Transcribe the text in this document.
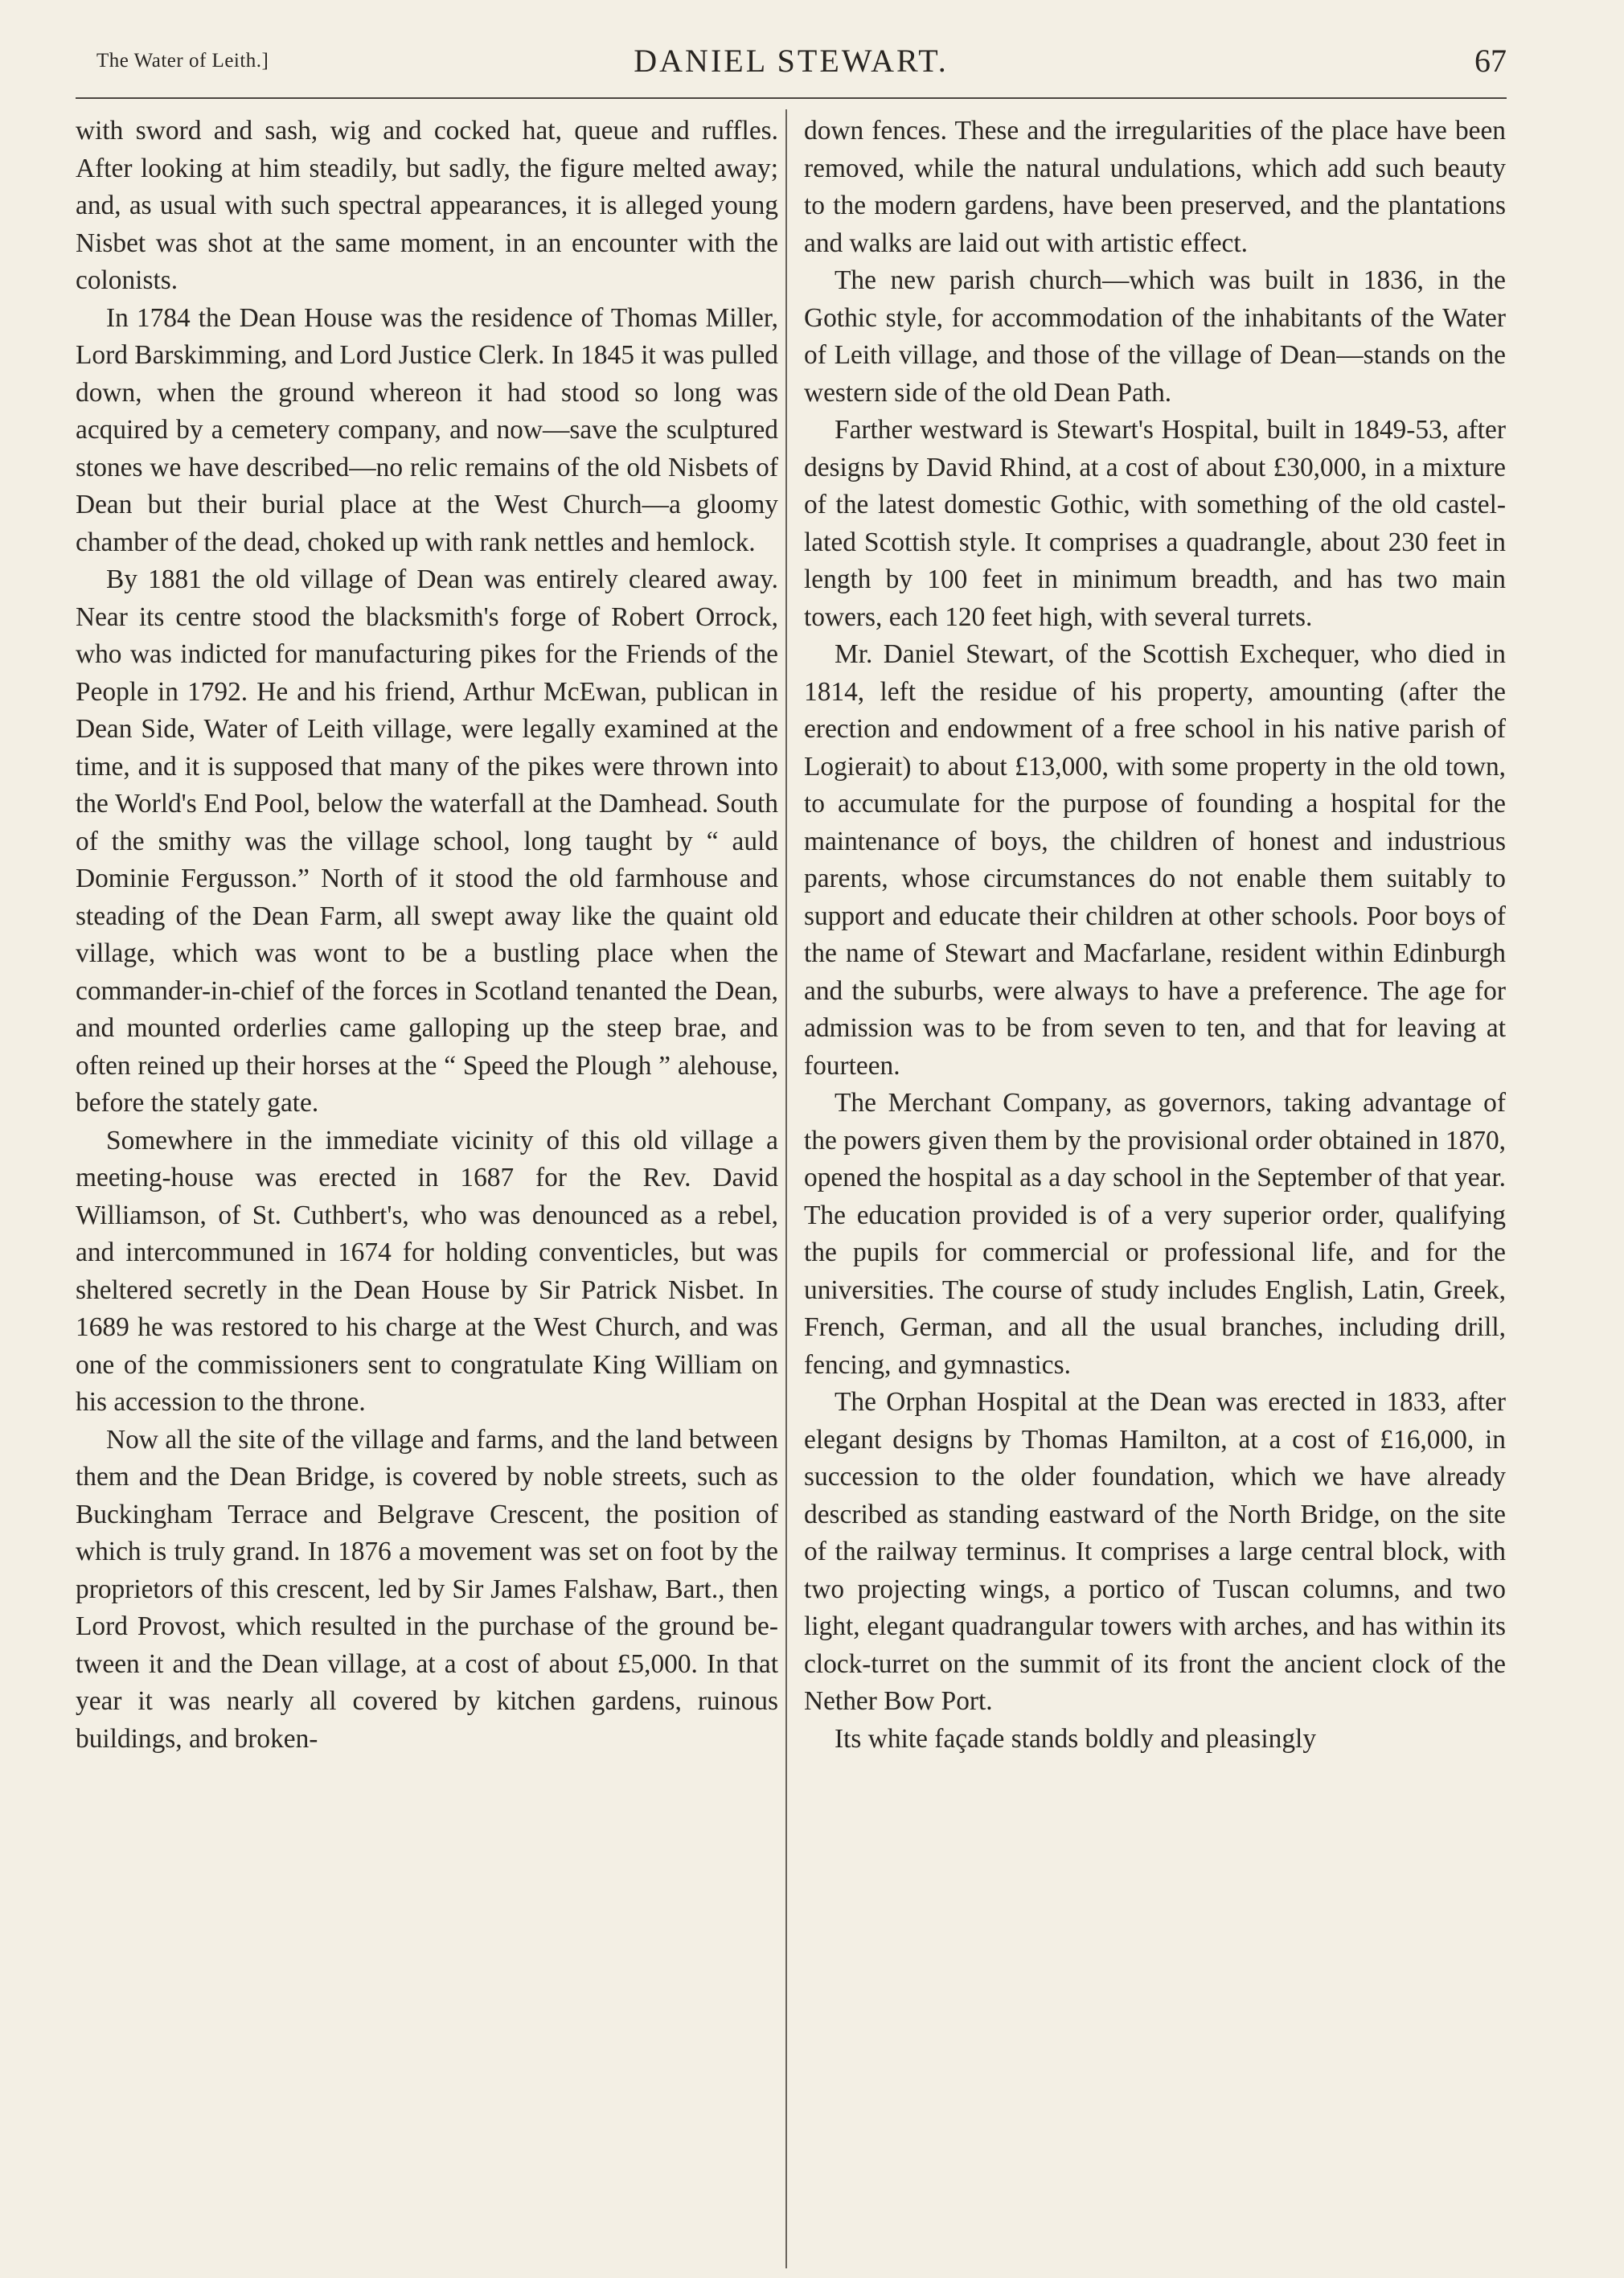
The Water of Leith.]	DANIEL STEWART.	67

with sword and sash, wig and cocked hat, queue and ruffles. After looking at him steadily, but sadly, the figure melted away; and, as usual with such spectral appearances, it is alleged young Nisbet was shot at the same moment, in an encounter with the colonists.

In 1784 the Dean House was the residence of Thomas Miller, Lord Barskimming, and Lord Justice Clerk. In 1845 it was pulled down, when the ground whereon it had stood so long was acquired by a cemetery company, and now—save the sculptured stones we have described—no relic remains of the old Nisbets of Dean but their burial place at the West Church—a gloomy chamber of the dead, choked up with rank nettles and hemlock.

By 1881 the old village of Dean was entirely cleared away. Near its centre stood the blacksmith's forge of Robert Orrock, who was indicted for manufacturing pikes for the Friends of the People in 1792. He and his friend, Arthur McEwan, publican in Dean Side, Water of Leith village, were legally examined at the time, and it is supposed that many of the pikes were thrown into the World's End Pool, below the waterfall at the Damhead. South of the smithy was the village school, long taught by “ auld Dominie Fergusson.” North of it stood the old farmhouse and steading of the Dean Farm, all swept away like the quaint old village, which was wont to be a bustling place when the commander-in-chief of the forces in Scotland tenanted the Dean, and mounted orderlies came galloping up the steep brae, and often reined up their horses at the “ Speed the Plough ” alehouse, before the stately gate.

Somewhere in the immediate vicinity of this old village a meeting-house was erected in 1687 for the Rev. David Williamson, of St. Cuthbert's, who was denounced as a rebel, and intercommuned in 1674 for holding conventicles, but was sheltered secretly in the Dean House by Sir Patrick Nisbet. In 1689 he was restored to his charge at the West Church, and was one of the commissioners sent to congratulate King William on his accession to the throne.

Now all the site of the village and farms, and the land between them and the Dean Bridge, is covered by noble streets, such as Buckingham Terrace and Belgrave Crescent, the position of which is truly grand. In 1876 a movement was set on foot by the proprietors of this crescent, led by Sir James Falshaw, Bart., then Lord Provost, which resulted in the purchase of the ground between it and the Dean village, at a cost of about £5,000. In that year it was nearly all covered by kitchen gardens, ruinous buildings, and broken-

down fences. These and the irregularities of the place have been removed, while the natural undulations, which add such beauty to the modern gardens, have been preserved, and the plantations and walks are laid out with artistic effect.

The new parish church—which was built in 1836, in the Gothic style, for accommodation of the inhabitants of the Water of Leith village, and those of the village of Dean—stands on the western side of the old Dean Path.

Farther westward is Stewart's Hospital, built in 1849-53, after designs by David Rhind, at a cost of about £30,000, in a mixture of the latest domestic Gothic, with something of the old castellated Scottish style. It comprises a quadrangle, about 230 feet in length by 100 feet in minimum breadth, and has two main towers, each 120 feet high, with several turrets.

Mr. Daniel Stewart, of the Scottish Exchequer, who died in 1814, left the residue of his property, amounting (after the erection and endowment of a free school in his native parish of Logierait) to about £13,000, with some property in the old town, to accumulate for the purpose of founding a hospital for the maintenance of boys, the children of honest and industrious parents, whose circumstances do not enable them suitably to support and educate their children at other schools. Poor boys of the name of Stewart and Macfarlane, resident within Edinburgh and the suburbs, were always to have a preference. The age for admission was to be from seven to ten, and that for leaving at fourteen.

The Merchant Company, as governors, taking advantage of the powers given them by the provisional order obtained in 1870, opened the hospital as a day school in the September of that year. The education provided is of a very superior order, qualifying the pupils for commercial or professional life, and for the universities. The course of study includes English, Latin, Greek, French, German, and all the usual branches, including drill, fencing, and gymnastics.

The Orphan Hospital at the Dean was erected in 1833, after elegant designs by Thomas Hamilton, at a cost of £16,000, in succession to the older foundation, which we have already described as standing eastward of the North Bridge, on the site of the railway terminus. It comprises a large central block, with two projecting wings, a portico of Tuscan columns, and two light, elegant quadrangular towers with arches, and has within its clock-turret on the summit of its front the ancient clock of the Nether Bow Port.

Its white façade stands boldly and pleasingly
